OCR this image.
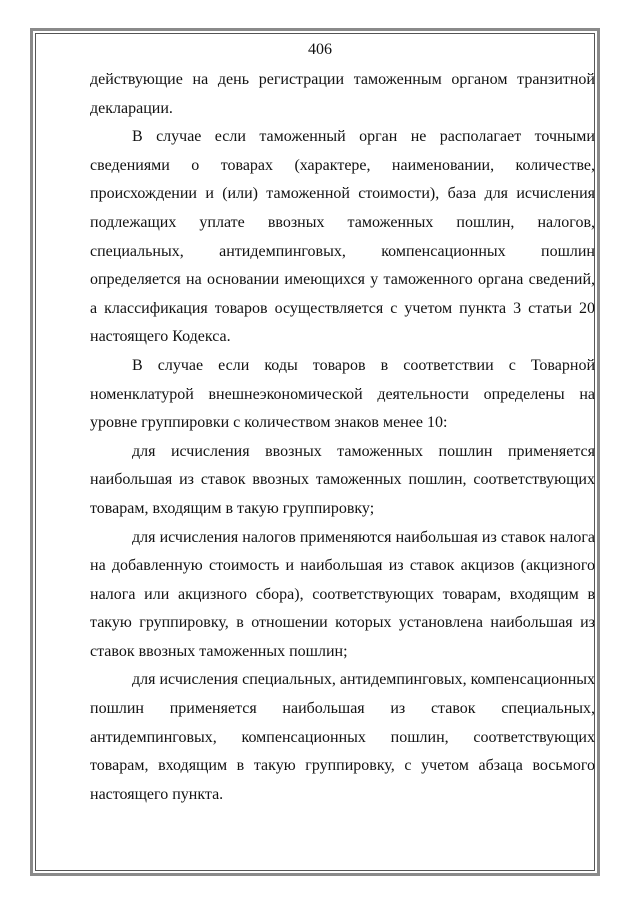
406

действующие на день регистрации таможенным органом транзитной декларации.

В случае если таможенный орган не располагает точными сведениями о товарах (характере, наименовании, количестве, происхождении и (или) таможенной стоимости), база для исчисления подлежащих уплате ввозных таможенных пошлин, налогов, специальных, антидемпинговых, компенсационных пошлин определяется на основании имеющихся у таможенного органа сведений, а классификация товаров осуществляется с учетом пункта 3 статьи 20 настоящего Кодекса.

В случае если коды товаров в соответствии с Товарной номенклатурой внешнеэкономической деятельности определены на уровне группировки с количеством знаков менее 10:

для исчисления ввозных таможенных пошлин применяется наибольшая из ставок ввозных таможенных пошлин, соответствующих товарам, входящим в такую группировку;

для исчисления налогов применяются наибольшая из ставок налога на добавленную стоимость и наибольшая из ставок акцизов (акцизного налога или акцизного сбора), соответствующих товарам, входящим в такую группировку, в отношении которых установлена наибольшая из ставок ввозных таможенных пошлин;

для исчисления специальных, антидемпинговых, компенсационных пошлин применяется наибольшая из ставок специальных, антидемпинговых, компенсационных пошлин, соответствующих товарам, входящим в такую группировку, с учетом абзаца восьмого настоящего пункта.
